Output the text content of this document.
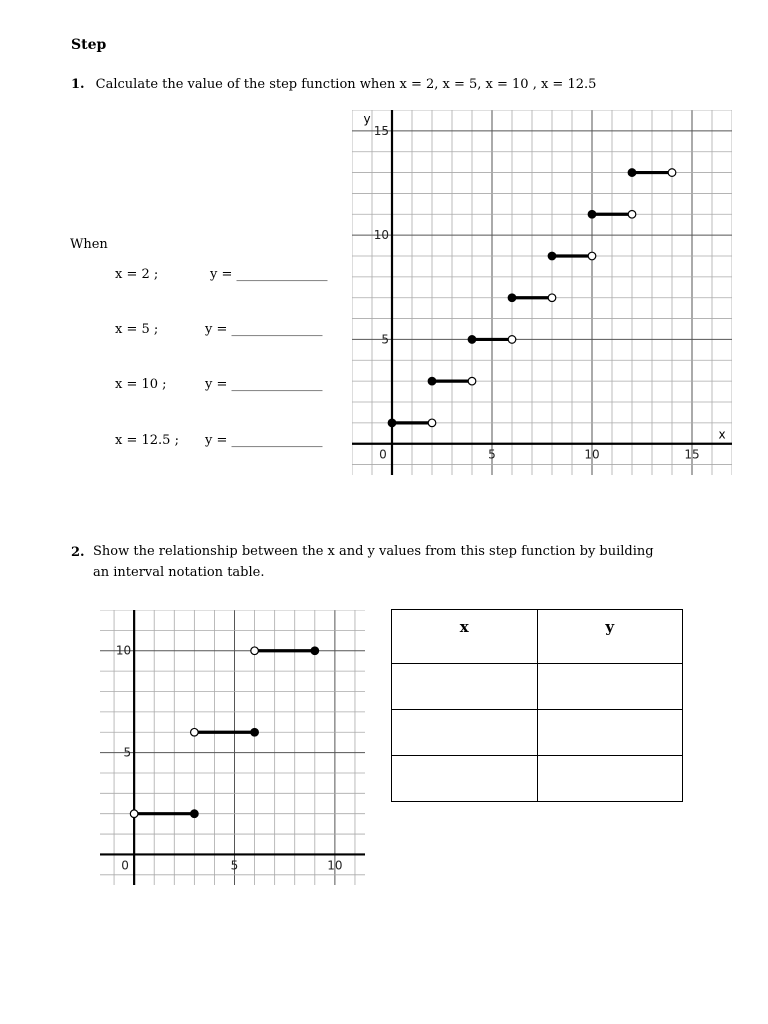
Step
1. Calculate the value of the step function when x = 2, x = 5, x = 10 , x = 12.5
When
x = 2 ;	y = ______________
x = 5 ;	y = ______________
x = 10 ;	y = ______________
x = 12.5 ; y = ______________
5	10	15
5
10
15
0
x
y
2. Show the relationship between the x and y values from this step function by building an interval notation table.
5	10
5
10
0
x	y
